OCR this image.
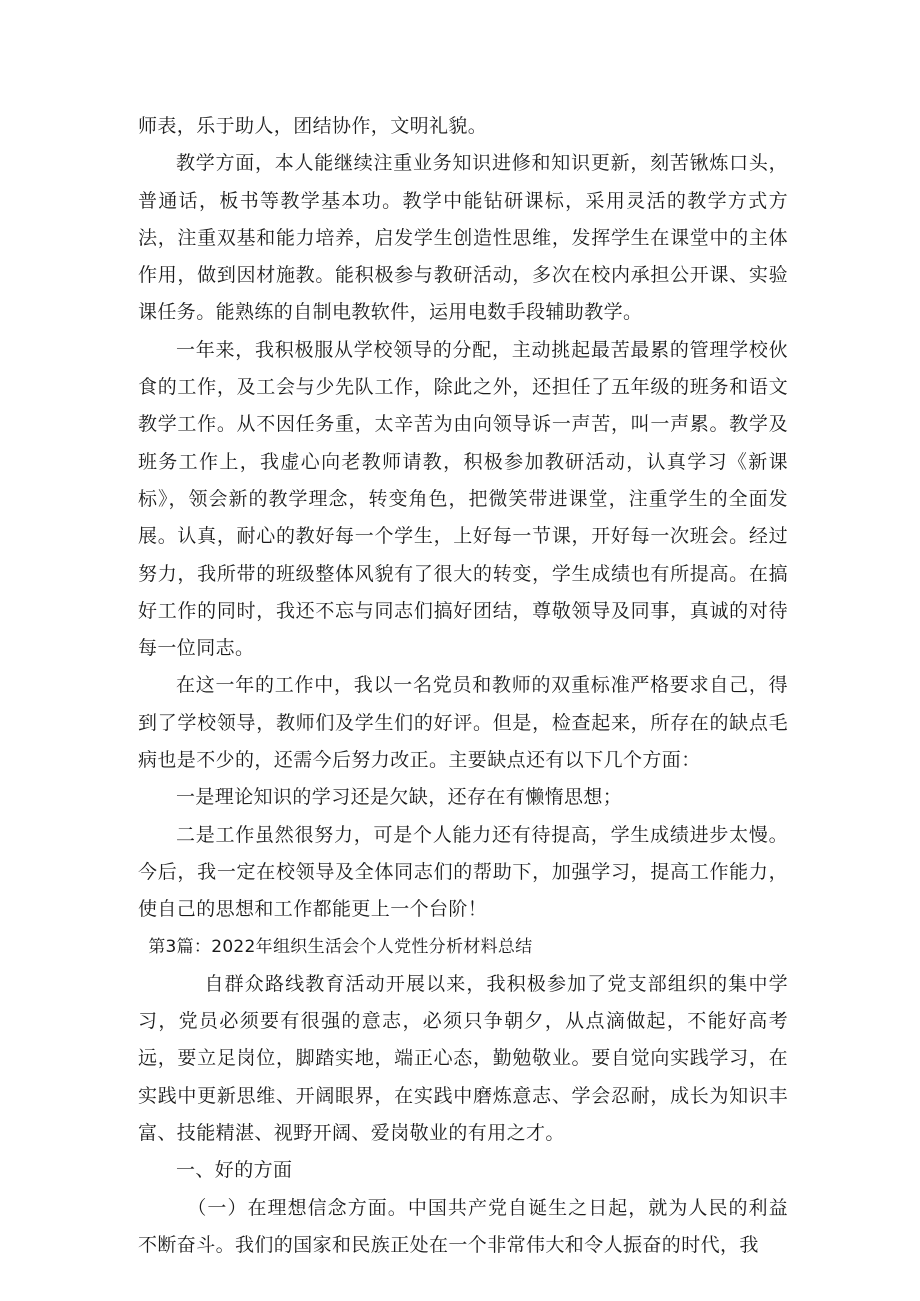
师表，乐于助人，团结协作，文明礼貌。

教学方面，本人能继续注重业务知识进修和知识更新，刻苦锹炼口头，普通话，板书等教学基本功。教学中能钻研课标，采用灵活的教学方式方法，注重双基和能力培养，启发学生创造性思维，发挥学生在课堂中的主体作用，做到因材施教。能积极参与教研活动，多次在校内承担公开课、实验课任务。能熟练的自制电教软件，运用电数手段辅助教学。

一年来，我积极服从学校领导的分配，主动挑起最苦最累的管理学校伙食的工作，及工会与少先队工作，除此之外，还担任了五年级的班务和语文教学工作。从不因任务重，太辛苦为由向领导诉一声苦，叫一声累。教学及班务工作上，我虚心向老教师请教，积极参加教研活动，认真学习《新课标》，领会新的教学理念，转变角色，把微笑带进课堂，注重学生的全面发展。认真，耐心的教好每一个学生，上好每一节课，开好每一次班会。经过努力，我所带的班级整体风貌有了很大的转变，学生成绩也有所提高。在搞好工作的同时，我还不忘与同志们搞好团结，尊敬领导及同事，真诚的对待每一位同志。

在这一年的工作中，我以一名党员和教师的双重标准严格要求自己，得到了学校领导，教师们及学生们的好评。但是，检查起来，所存在的缺点毛病也是不少的，还需今后努力改正。主要缺点还有以下几个方面：

一是理论知识的学习还是欠缺，还存在有懒惰思想；

二是工作虽然很努力，可是个人能力还有待提高，学生成绩进步太慢。今后，我一定在校领导及全体同志们的帮助下，加强学习，提高工作能力，使自己的思想和工作都能更上一个台阶！

第3篇：2022年组织生活会个人党性分析材料总结

自群众路线教育活动开展以来，我积极参加了党支部组织的集中学习，党员必须要有很强的意志，必须只争朝夕，从点滴做起，不能好高考远，要立足岗位，脚踏实地，端正心态，勤勉敬业。要自觉向实践学习，在实践中更新思维、开阔眼界，在实践中磨炼意志、学会忍耐，成长为知识丰富、技能精湛、视野开阔、爱岗敬业的有用之才。

一、好的方面

（一）在理想信念方面。中国共产党自诞生之日起，就为人民的利益不断奋斗。我们的国家和民族正处在一个非常伟大和令人振奋的时代，我
